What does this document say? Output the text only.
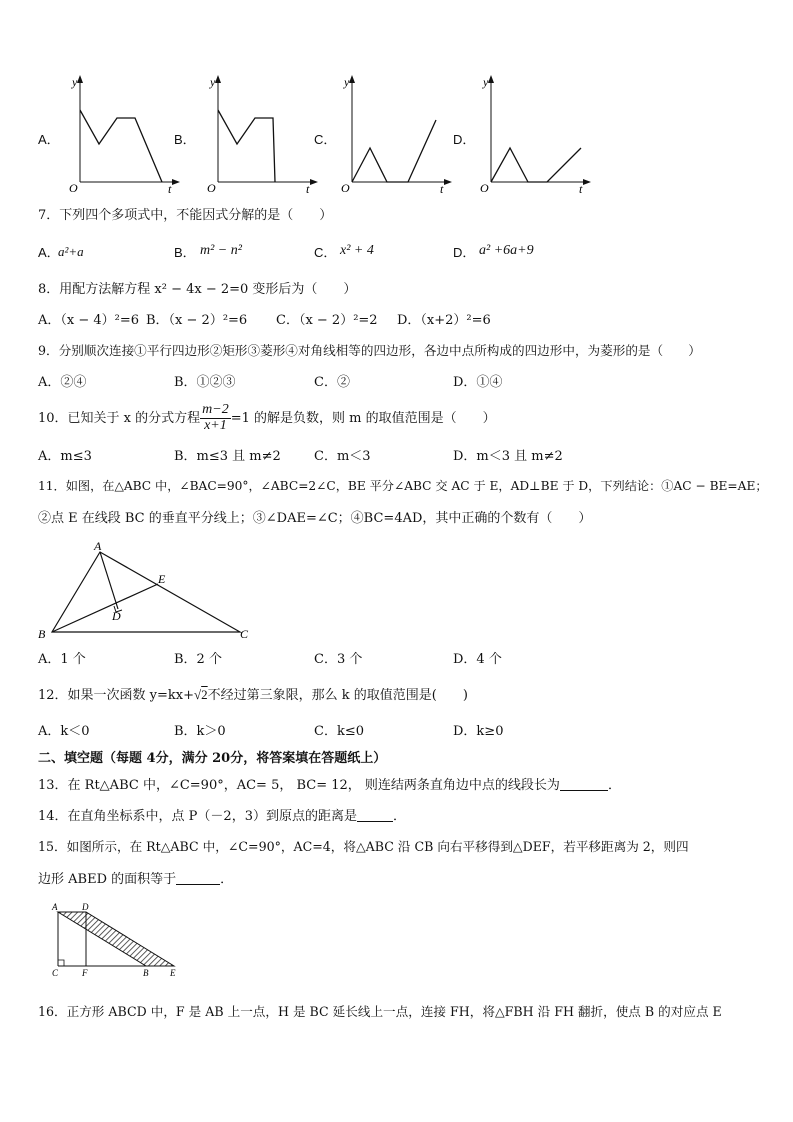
A．	B．	C．	D．
y
O	t
y
O	t
y
O	t
y
O	t
7．下列四个多项式中，不能因式分解的是（　　）
A．
a²+a	B． m² − n²	C． x² + 4	D． a² +6a+9
8．用配方法解方程 x² − 4x − 2=0 变形后为（　　）
A．（x − 4）²=6 B．（x − 2）²=6 C．（x − 2）²=2 D．（x+2）²=6
9．分别顺次连接①平行四边形②矩形③菱形④对角线相等的四边形，各边中点所构成的四边形中，为菱形的是（　　）
A．②④	B．①②③	C．②	D．①④
10．已知关于 x 的分式方程 $\frac{m-2}{x+1} =1$ 的解是负数，则 m 的取值范围是（　　）
A．m≤3	B．m≤3 且 m≠2	C．m＜3	D．m＜3 且 m≠2
11．如图，在△ABC 中，∠BAC=90°，∠ABC=2∠C，BE 平分∠ABC 交 AC 于 E，AD⊥BE 于 D，下列结论：①AC − BE=AE；
②点 E 在线段 BC 的垂直平分线上；③∠DAE=∠C；④BC=4AD，其中正确的个数有（　　）
A
B	C
D
E
A．1 个	B．2 个	C．3 个	D．4 个
12．如果一次函数 y=kx+√2不经过第三象限，那么 k 的取值范围是(　　)
A．k＜0	B．k＞0	C．k≤0	D．k≥0
二、填空题（每题 4分，满分 20分，将答案填在答题纸上）
13．在 Rt△ABC 中，∠C=90°，AC= 5， BC= 12， 则连结两条直角边中点的线段长为	．
14．在直角坐标系中，点 P（－2，3）到原点的距离是	．
15．如图所示，在 Rt△ABC 中，∠C=90°，AC=4，将△ABC 沿 CB 向右平移得到△DEF，若平移距离为 2，则四
边形 ABED 的面积等于	．
A	D
C	F	B E
16．正方形 ABCD 中，F 是 AB 上一点，H 是 BC 延长线上一点，连接 FH，将△FBH 沿 FH 翻折，使点 B 的对应点 E
